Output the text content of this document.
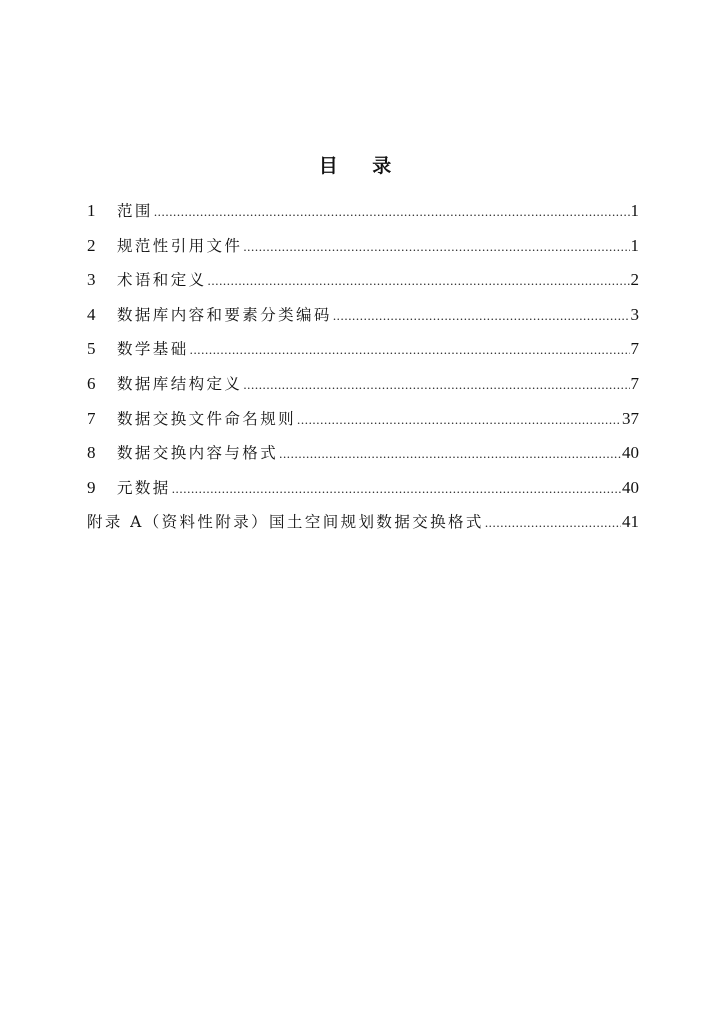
目 录
1	范围 .....	1
2	规范性引用文件 .....	1
3	术语和定义 .....	2
4	数据库内容和要素分类编码 .....	3
5	数学基础 .....	7
6	数据库结构定义 .....	7
7	数据交换文件命名规则 .....	37
8	数据交换内容与格式 .....	40
9	元数据 .....	40
附录 A（资料性附录）国土空间规划数据交换格式 .....	41
